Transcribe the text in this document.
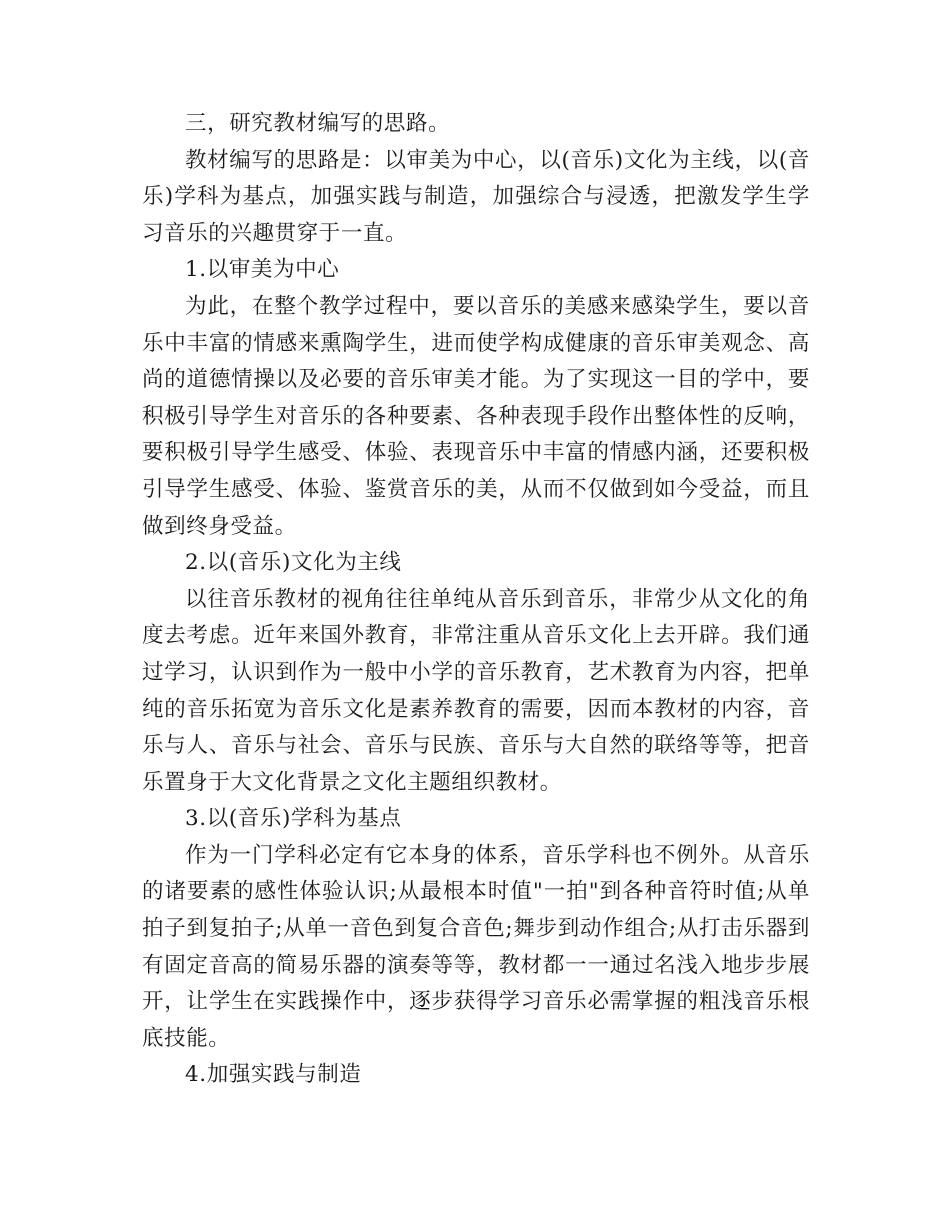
三，研究教材编写的思路。

教材编写的思路是：以审美为中心，以(音乐)文化为主线，以(音乐)学科为基点，加强实践与制造，加强综合与浸透，把激发学生学习音乐的兴趣贯穿于一直。

1.以审美为中心

为此，在整个教学过程中，要以音乐的美感来感染学生，要以音乐中丰富的情感来熏陶学生，进而使学构成健康的音乐审美观念、高尚的道德情操以及必要的音乐审美才能。为了实现这一目的学中，要积极引导学生对音乐的各种要素、各种表现手段作出整体性的反响，要积极引导学生感受、体验、表现音乐中丰富的情感内涵，还要积极引导学生感受、体验、鉴赏音乐的美，从而不仅做到如今受益，而且做到终身受益。

2.以(音乐)文化为主线

以往音乐教材的视角往往单纯从音乐到音乐，非常少从文化的角度去考虑。近年来国外教育，非常注重从音乐文化上去开辟。我们通过学习，认识到作为一般中小学的音乐教育，艺术教育为内容，把单纯的音乐拓宽为音乐文化是素养教育的需要，因而本教材的内容，音乐与人、音乐与社会、音乐与民族、音乐与大自然的联络等等，把音乐置身于大文化背景之文化主题组织教材。

3.以(音乐)学科为基点

作为一门学科必定有它本身的体系，音乐学科也不例外。从音乐的诸要素的感性体验认识;从最根本时值"一拍"到各种音符时值;从单拍子到复拍子;从单一音色到复合音色;舞步到动作组合;从打击乐器到有固定音高的简易乐器的演奏等等，教材都一一通过名浅入地步步展开，让学生在实践操作中，逐步获得学习音乐必需掌握的粗浅音乐根底技能。

4.加强实践与制造
